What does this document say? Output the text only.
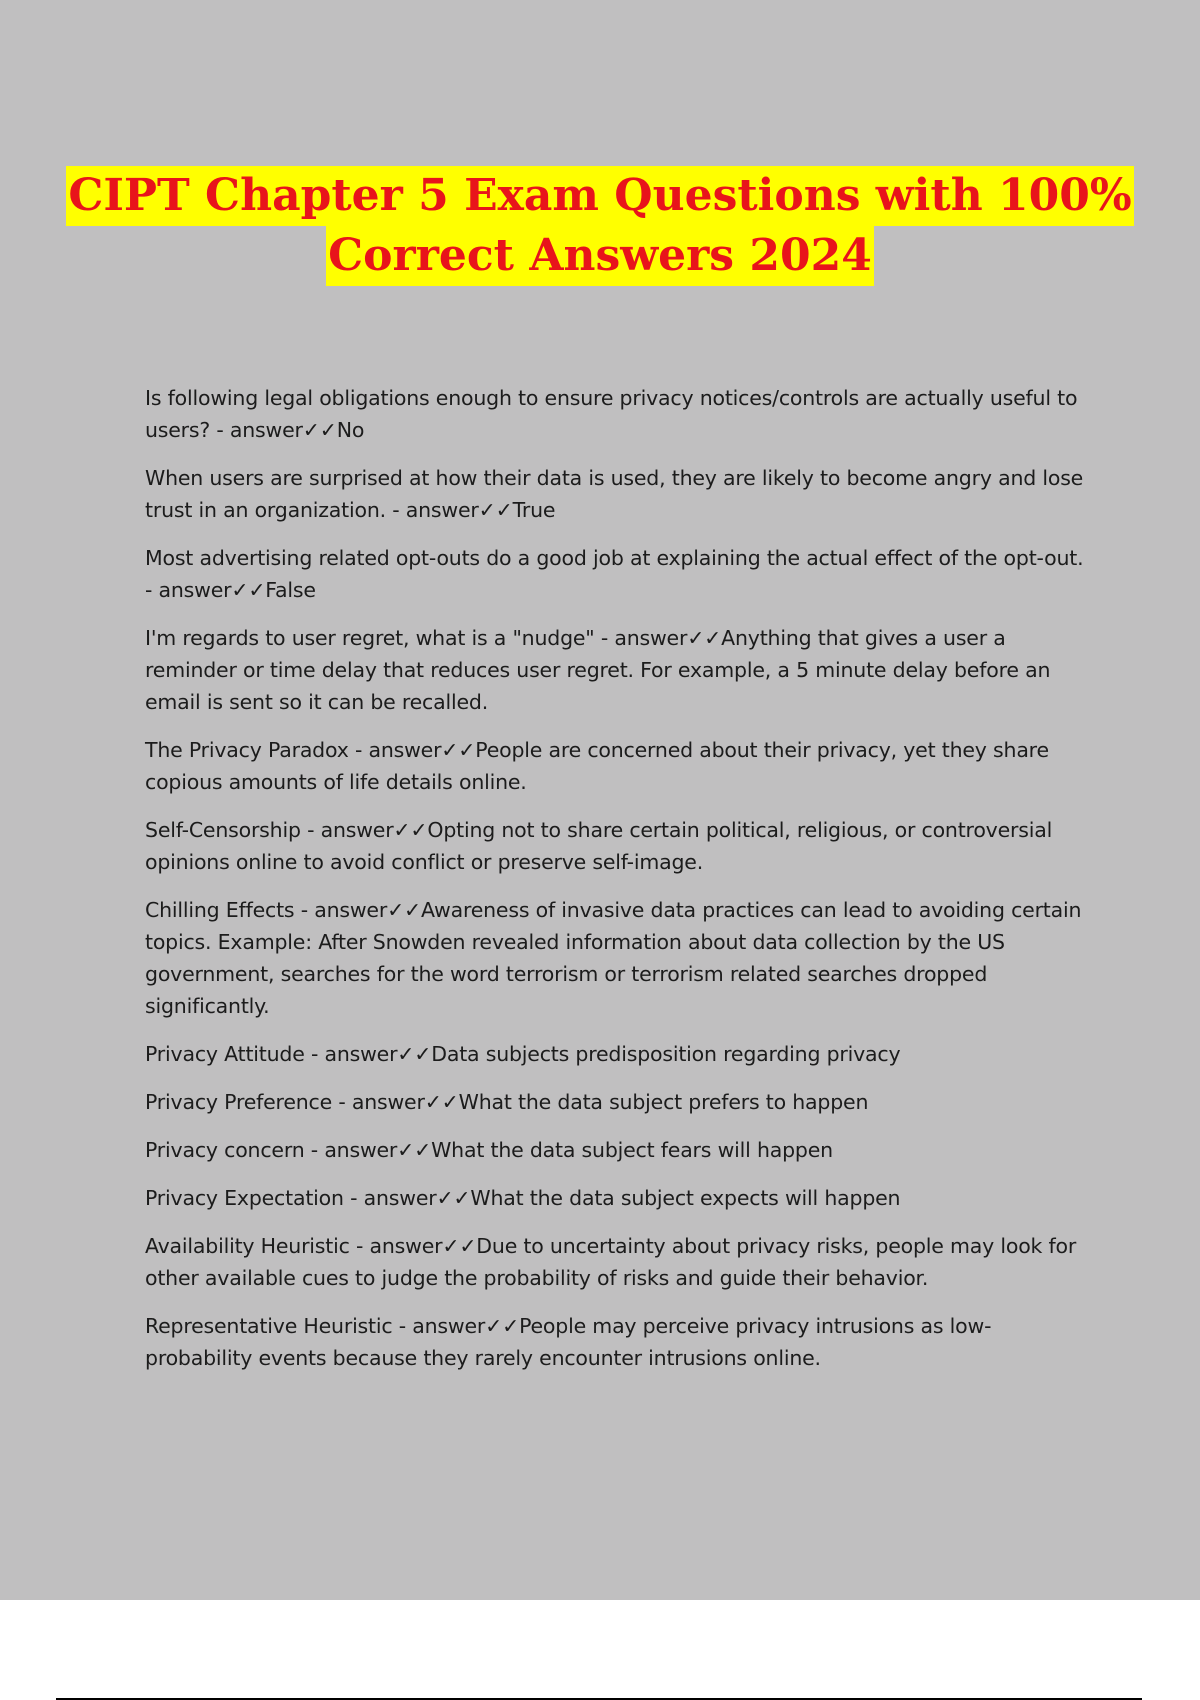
CIPT Chapter 5 Exam Questions with 100%
Correct Answers 2024

Is following legal obligations enough to ensure privacy notices/controls are actually useful to users? - answer✓✓No

When users are surprised at how their data is used, they are likely to become angry and lose trust in an organization. - answer✓✓True

Most advertising related opt-outs do a good job at explaining the actual effect of the opt-out. - answer✓✓False

I'm regards to user regret, what is a "nudge" - answer✓✓Anything that gives a user a reminder or time delay that reduces user regret. For example, a 5 minute delay before an email is sent so it can be recalled.

The Privacy Paradox - answer✓✓People are concerned about their privacy, yet they share copious amounts of life details online.

Self-Censorship - answer✓✓Opting not to share certain political, religious, or controversial opinions online to avoid conflict or preserve self-image.

Chilling Effects - answer✓✓Awareness of invasive data practices can lead to avoiding certain topics. Example: After Snowden revealed information about data collection by the US government, searches for the word terrorism or terrorism related searches dropped significantly.

Privacy Attitude - answer✓✓Data subjects predisposition regarding privacy

Privacy Preference - answer✓✓What the data subject prefers to happen

Privacy concern - answer✓✓What the data subject fears will happen

Privacy Expectation - answer✓✓What the data subject expects will happen

Availability Heuristic - answer✓✓Due to uncertainty about privacy risks, people may look for other available cues to judge the probability of risks and guide their behavior.

Representative Heuristic - answer✓✓People may perceive privacy intrusions as low-probability events because they rarely encounter intrusions online.
